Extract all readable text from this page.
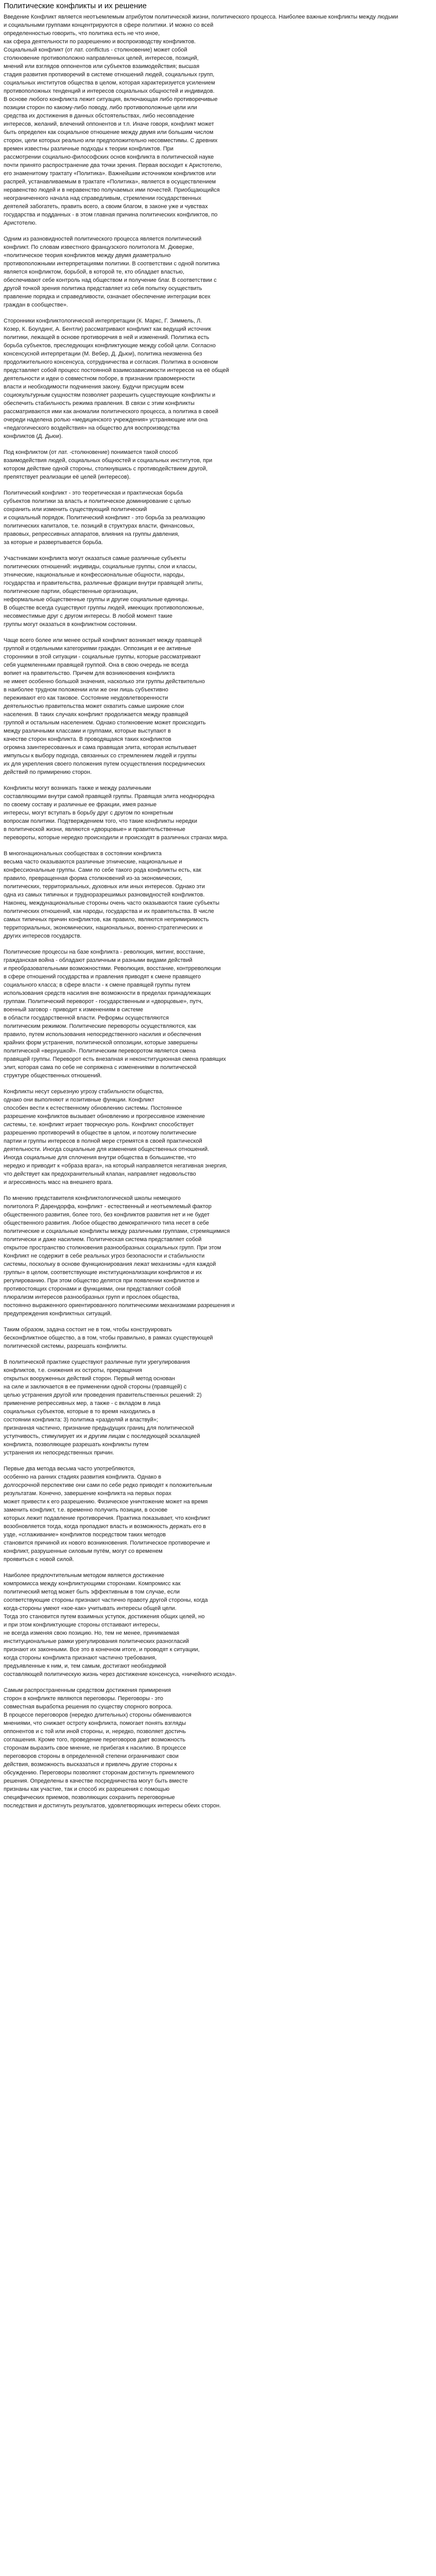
Политические конфликты и их решение

Введение Конфликт является неотъемлемым атрибутом политической жизни, политического процесса. Наиболее важные конфликты между людьми
и социальными группами концентрируются в сфере политики. И можно со всей
определенностью говорить, что политика есть не что иное,
как сфера деятельности по разрешению и воспроизводству конфликтов.
Социальный конфликт (от лат. conflictus - столкновение) может собой
столкновение противоположно направленных целей, интересов, позиций,
мнений или взглядов оппонентов или субъектов взаимодействия; высшая
стадия развития противоречий в системе отношений людей, социальных групп,
социальных институтов общества в целом, которая характеризуется усилением
противоположных тенденций и интересов социальных общностей и индивидов.
В основе любого конфликта лежит ситуация, включающая либо противоречивые
позиции сторон по какому-либо поводу, либо противоположные цели или
средства их достижения в данных обстоятельствах, либо несовпадение
интересов, желаний, влечений оппонентов и т.п. Иначе говоря, конфликт может
быть определен как социальное отношение между двумя или большим числом
сторон, цели которых реально или предположительно несовместимы. С древних
времен известны различные подходы к теории конфликтов. При
рассмотрении социально-философских основ конфликта в политической науке
почти принято распространение два точки зрения. Первая восходит к Аристотелю,
его знаменитому трактату «Политика». Важнейшим источником конфликтов или
распрей, устанавливаемым в трактате «Политика», является в осуществлением
неравенство людей и в неравенство получаемых ими почестей. Приобщающийся
неограниченного начала над справедливым, стремлении государственных
деятелей забогатеть, править всего, а своим благом, в законе уже и чувствах
государства и подданных - в этом главная причина политических конфликтов, по
Аристотелю.

Одним из разновидностей политического процесса является политический
конфликт. По словам известного французского политолога М. Дюверже,
«политическое теория конфликтов между двумя диаметрально
противоположными интерпретациями политики. В соответствии с одной политика
является конфликтом, борьбой, в которой те, кто обладает властью,
обеспечивают себе контроль над обществом и получение благ. В соответствии с
другой точкой зрения политика представляет из себя попытку осуществить
правление порядка и справедливости, означает обеспечение интеграции всех
граждан в сообществе».

Сторонники конфликтологической интерпретации (К. Маркс, Г. Зиммель, Л.
Козер, К. Боулдинг, А. Бентли) рассматривают конфликт как ведущий источник
политики, лежащей в основе противоречия в ней и изменений. Политика есть
борьба субъектов, преследующих конфликтующие между собой цели. Согласно
консенсусной интерпретации (М. Вебер, Д. Дьюи), политика неизменна без
продолжительного консенсуса, сотрудничества и согласия. Политика в основном
представляет собой процесс постоянной взаимозависимости интересов на её общей
деятельности и идеи о совместном поборе, в признании правомерности
власти и необходимости подчинения закону. Будучи присущим всем
социокультурным сущностям позволяет разрешить существующие конфликты и
обеспечить стабильность режима правления. В связи с этим конфликты
рассматриваются ими как аномалии политического процесса, а политика в своей
очереди наделена ролью «медицинского учреждения» устраняющие или она
«педагогического воздействия» на общество для воспроизводства
конфликтов (Д. Дьюи).

Под конфликтом (от лат. -столкновение) понимается такой способ
взаимодействия людей, социальных общностей и социальных институтов, при
котором действие одной стороны, столкнувшись с противодействием другой,
препятствует реализации её целей (интересов).

Политический конфликт - это теоретическая и практическая борьба
субъектов политики за власть и политическое доминирование с целью
сохранить или изменить существующий политический
и социальный порядок. Политический конфликт - это борьба за реализацию
политических капиталов, т.е. позиций в структурах власти, финансовых,
правовых, репрессивных аппаратов, влияния на группы давления,
за которые и развертывается борьба.

Участниками конфликта могут оказаться самые различные субъекты
политических отношений: индивиды, социальные группы, слои и классы,
этнические, национальные и конфессиональные общности, народы,
государства и правительства, различные фракции внутри правящей элиты,
политические партии, общественные организации,
неформальные общественные группы и другие социальные единицы.
В обществе всегда существуют группы людей, имеющих противоположные,
несовместимые друг с другом интересы. В любой момент такие
группы могут оказаться в конфликтном состоянии.

Чаще всего более или менее острый конфликт возникает между правящей
группой и отдельными категориями граждан. Оппозиция и ее активные
сторонники в этой ситуации - социальные группы, которые рассматривают
себя ущемленными правящей группой. Она в свою очередь не всегда
вопиет на правительство. Причем для возникновения конфликта
не имеет особенно большой значения, насколько эти группы действительно
в наиболее трудном положении или же они лишь субъективно
переживают его как таковое. Состояние неудовлетворенности
деятельностью правительства может охватить самые широкие слои
населения. В таких случаях конфликт продолжается между правящей
группой и остальным населением. Однако столкновение может происходить
между различными классами и группами, которые выступают в
качестве сторон конфликта. В проводящаяся таких конфликтов
огромна заинтересованных и сама правящая элита, которая испытывает
импульсы к выбору подхода, связанных со стремлением людей и группы
их для укрепления своего положения путем осуществления посреднических
действий по примирению сторон.

Конфликты могут возникать также и между различными
составляющими внутри самой правящей группы. Правящая элита неоднородна
по своему составу и различные ее фракции, имея разные
интересы, могут вступать в борьбу друг с другом по конкретным
вопросам политики. Подтверждением того, что такие конфликты нередки
в политической жизни, являются «дворцовые» и правительственные
перевороты, которые нередко происходили и происходят в различных странах мира.

В многонациональных сообществах в состоянии конфликта
весьма часто оказываются различные этнические, национальные и
конфессиональные группы. Сами по себе такого рода конфликты есть, как
правило, превращенная форма столкновений из-за экономических,
политических, территориальных, духовных или иных интересов. Однако эти
одна из самых типичных и трудноразрешимых разновидностей конфликтов.
Наконец, междунациональные стороны очень часто оказываются такие субъекты
политических отношений, как народы, государства и их правительства. В числе
самых типичных причин конфликтов, как правило, являются непримиримость
территориальных, экономических, национальных, военно-стратегических и
других интересов государств.

Политические процессы на базе конфликта - революция, митинг, восстание,
гражданская война - обладают различным и разными видами действий
и преобразовательными возможностями. Революция, восстание, контрреволюции
в сфере отношений государства и правления приводят к смене правящего
социального класса; в сфере власти - к смене правящей группы путем
использования средств насилия вне возможности в пределах принадлежащих
группам. Политический переворот - государственным и «дворцовые», путч,
военный заговор - приводит к изменениям в системе
в области государственной власти. Реформы осуществляются
политическим режимом. Политические перевороты осуществляются, как
правило, путем использования непосредственного насилия и обеспечения
крайних форм устранения, политической оппозиции, которые завершены
политической «верхушкой». Политическим переворотом является смена
правящей группы. Переворот есть внезапная и неконституционная смена правящих
элит, которая сама по себе не сопряжена с изменениями в политической
структуре общественных отношений.

Конфликты несут серьезную угрозу стабильности общества,
однако они выполняют и позитивные функции. Конфликт
способен вести к естественному обновлению системы. Постоянное
разрешение конфликтов вызывает обновлению и прогрессивное изменение
системы, т.е. конфликт играет творческую роль. Конфликт способствует
разрешению противоречий в обществе в целом, и поэтому политические
партии и группы интересов в полной мере стремятся в своей практической
деятельности. Иногда социальные для изменения общественных отношений.
Иногда социальные для сплочения внутри общества в большинстве, что
нередко и приводит к «образа врага», на который направляется негативная энергия,
что действует как предохранительный клапан, направляет недовольство
и агрессивность масс на внешнего врага.

По мнению представителя конфликтологической школы немецкого
политолога Р. Дарендорфа, конфликт - естественный и неотъемлемый фактор
общественного развития, более того, без конфликтов развития нет и не будет
общественного развития. Любое общество демократичного типа несет в себе
политические и социальные конфликты между различными группами, стремящимися
политически и даже насилием. Политическая система представляет собой
открытое пространство столкновения разнообразных социальных групп. При этом
Конфликт не содержит в себе реальных угроз безопасности и стабильности
системы, поскольку в основе функционирования лежат механизмы «для каждой
группы» в целом, соответствующие институционализации конфликтов и их
регулированию. При этом общество делятся при появлении конфликтов и
противостоящих сторонами и функциями, они представляют собой
плюрализм интересов разнообразных групп и прослоек общества,
постоянно выраженного ориентированного политическими механизмами разрешения и
предупреждения конфликтных ситуаций.

Таким образом, задача состоит не в том, чтобы конструировать
бесконфликтное общество, а в том, чтобы правильно, в рамках существующей
политической системы, разрешать конфликты.

В политической практике существуют различные пути урегулирования
конфликтов, т.е. снижения их остроты, прекращения
открытых вооруженных действий сторон. Первый метод основан
на силе и заключается в ее применении одной стороны (правящей) с
целью устранения другой или проведения правительственных решений: 2)
применение репрессивных мер, а также - с вкладом в лица
социальных субъектов, которые в то время находились в
состоянии конфликта: 3) политика «разделяй и властвуй»;
признанная частично, признание предыдущих границ для политической
уступчивость, стимулирует их и другим лицам с последующей эскалацией
конфликта, позволяющее разрешать конфликты путем
устранения их непосредственных причин.

Первые два метода весьма часто употребляются,
особенно на ранних стадиях развития конфликта. Однако в
долгосрочной перспективе они сами по себе редко приводят к положительным
результатам. Конечно, завершение конфликта на первых порах
может привести к его разрешению. Физическое уничтожение может на время
заменить конфликт, т.е. временно получить позиции, в основе
которых лежит подавление противоречия. Практика показывает, что конфликт
возобновляется тогда, когда пропадают власть и возможность держать его в
узде, «сглаживание» конфликтов посредством таких методов
становится причиной их нового возникновения. Политическое противоречие и
конфликт, разрушенные силовым путём, могут со временем
проявиться с новой силой.

Наиболее предпочтительным методом является достижение
компромисса между конфликтующими сторонами. Компромисс как
политический метод может быть эффективным в том случае, если
соответствующие стороны признают частично правоту другой стороны, когда
когда-стороны умеют «кое-как» учитывать интересы общей цели.
Тогда это становится путем взаимных уступок, достижения общих целей, но
и при этом конфликтующие стороны отстаивают интересы,
не всегда изменяя свою позицию. Но, тем не менее, принимаемая
институциональные рамки урегулирования политических разногласий
признают их законными. Все это в конечном итоге, и проводят к ситуации,
когда стороны конфликта признают частично требования,
предъявленные к ним, и, тем самым, достигают необходимой
составляющей политическую жизнь через достижение консенсуса, «ничейного исхода».

Самым распространенным средством достижения примирения
сторон в конфликте являются переговоры. Переговоры - это
совместная выработка решения по существу спорного вопроса.
В процессе переговоров (нередко длительных) стороны обмениваются
мнениями, что снижает остроту конфликта, помогает понять взгляды
оппонентов и с той или иной стороны, и, нередко, позволяет достичь
соглашения. Кроме того, проведение переговоров дает возможность
сторонам выразить свое мнение, не прибегая к насилию. В процессе
переговоров стороны в определенной степени ограничивают свои
действия, возможность высказаться и привлечь другие стороны к
обсуждению. Переговоры позволяют сторонам достигнуть приемлемого
решения. Определены в качестве посредничества могут быть вместе
признаны как участие, так и способ их разрешения с помощью
специфических приемов, позволяющих сохранить переговорные
последствия и достигнуть результатов, удовлетворяющих интересы обеих сторон.
